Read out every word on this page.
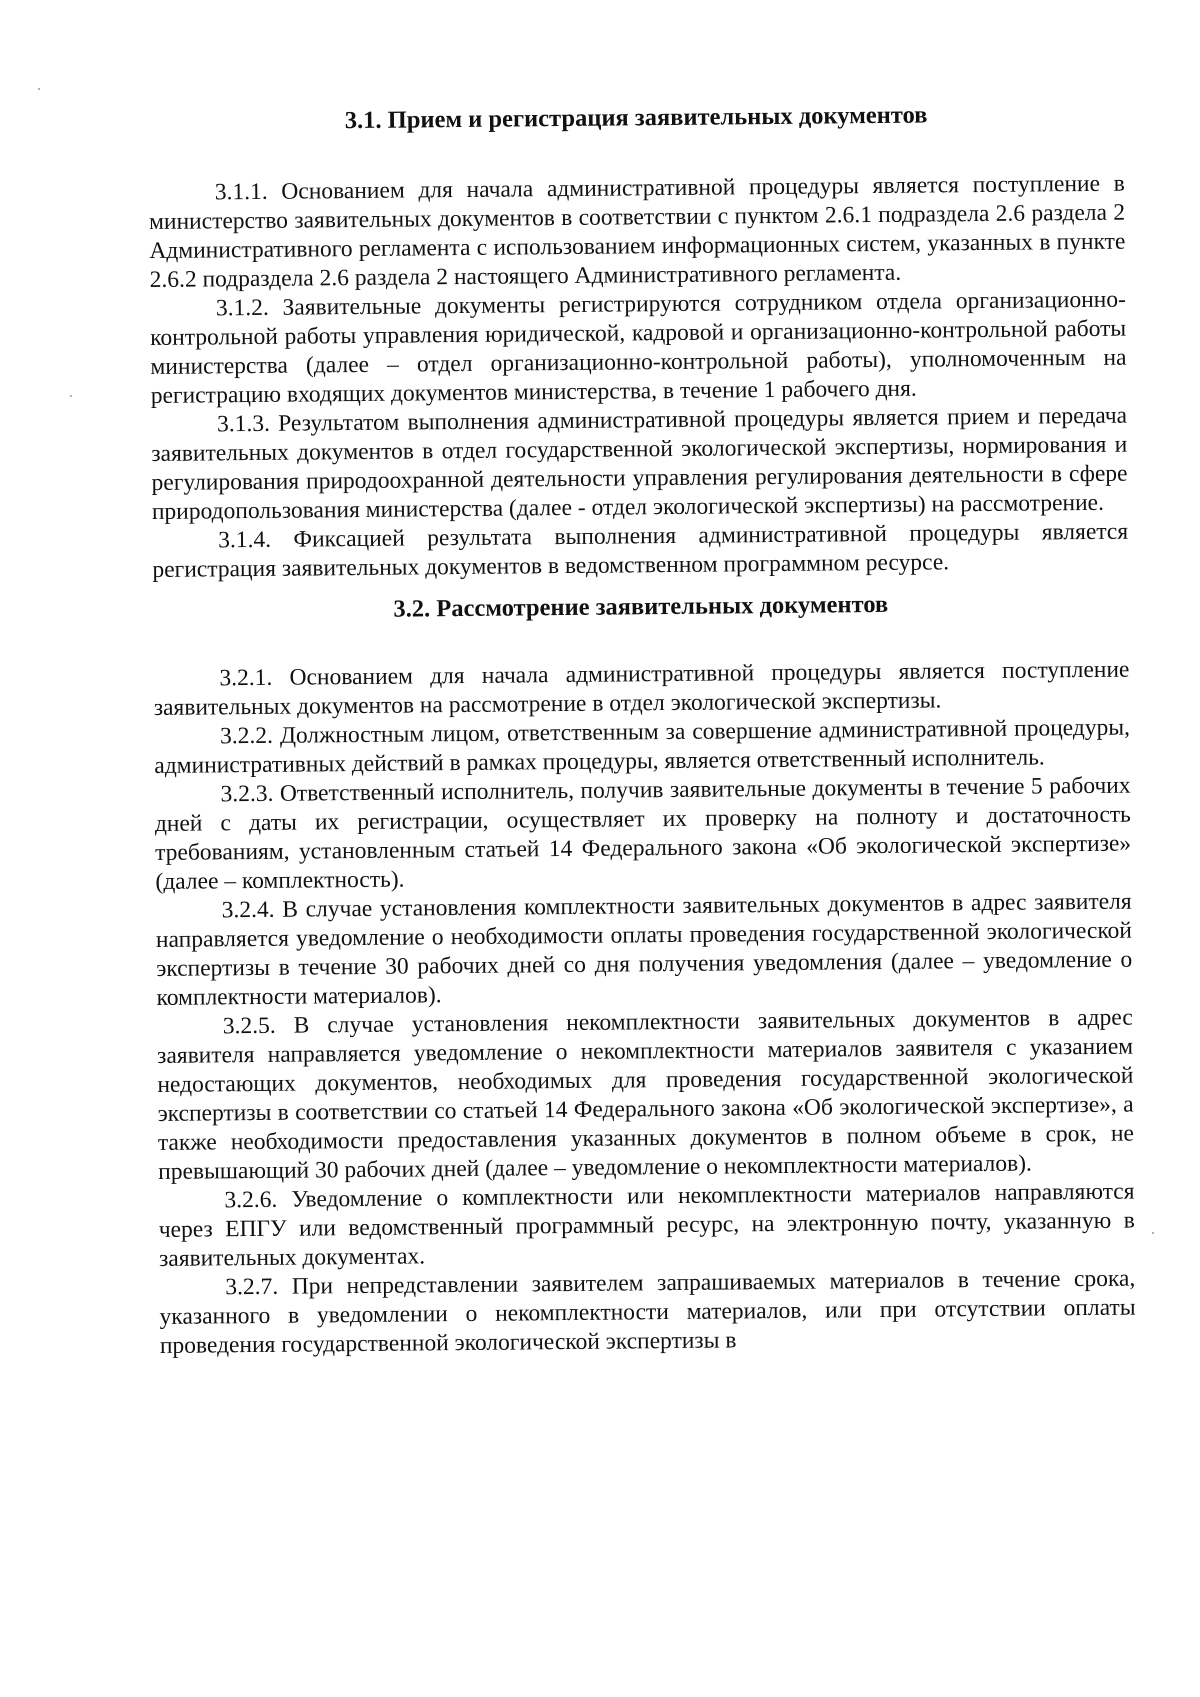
3.1. Прием и регистрация заявительных документов

3.1.1. Основанием для начала административной процедуры является поступление в министерство заявительных документов в соответствии с пунктом 2.6.1 подраздела 2.6 раздела 2 Административного регламента с использованием информационных систем, указанных в пункте 2.6.2 подраздела 2.6 раздела 2 настоящего Административного регламента.

3.1.2. Заявительные документы регистрируются сотрудником отдела организационно-контрольной работы управления юридической, кадровой и организационно-контрольной работы министерства (далее – отдел организационно-контрольной работы), уполномоченным на регистрацию входящих документов министерства, в течение 1 рабочего дня.

3.1.3. Результатом выполнения административной процедуры является прием и передача заявительных документов в отдел государственной экологической экспертизы, нормирования и регулирования природоохранной деятельности управления регулирования деятельности в сфере природопользования министерства (далее - отдел экологической экспертизы) на рассмотрение.

3.1.4. Фиксацией результата выполнения административной процедуры является регистрация заявительных документов в ведомственном программном ресурсе.

3.2. Рассмотрение заявительных документов

3.2.1. Основанием для начала административной процедуры является поступление заявительных документов на рассмотрение в отдел экологической экспертизы.

3.2.2. Должностным лицом, ответственным за совершение административной процедуры, административных действий в рамках процедуры, является ответственный исполнитель.

3.2.3. Ответственный исполнитель, получив заявительные документы в течение 5 рабочих дней с даты их регистрации, осуществляет их проверку на полноту и достаточность требованиям, установленным статьей 14 Федерального закона «Об экологической экспертизе» (далее – комплектность).

3.2.4. В случае установления комплектности заявительных документов в адрес заявителя направляется уведомление о необходимости оплаты проведения государственной экологической экспертизы в течение 30 рабочих дней со дня получения уведомления (далее – уведомление о комплектности материалов).

3.2.5. В случае установления некомплектности заявительных документов в адрес заявителя направляется уведомление о некомплектности материалов заявителя с указанием недостающих документов, необходимых для проведения государственной экологической экспертизы в соответствии со статьей 14 Федерального закона «Об экологической экспертизе», а также необходимости предоставления указанных документов в полном объеме в срок, не превышающий 30 рабочих дней (далее – уведомление о некомплектности материалов).

3.2.6. Уведомление о комплектности или некомплектности материалов направляются через ЕПГУ или ведомственный программный ресурс, на электронную почту, указанную в заявительных документах.

3.2.7. При непредставлении заявителем запрашиваемых материалов в течение срока, указанного в уведомлении о некомплектности материалов, или при отсутствии оплаты проведения государственной экологической экспертизы в
